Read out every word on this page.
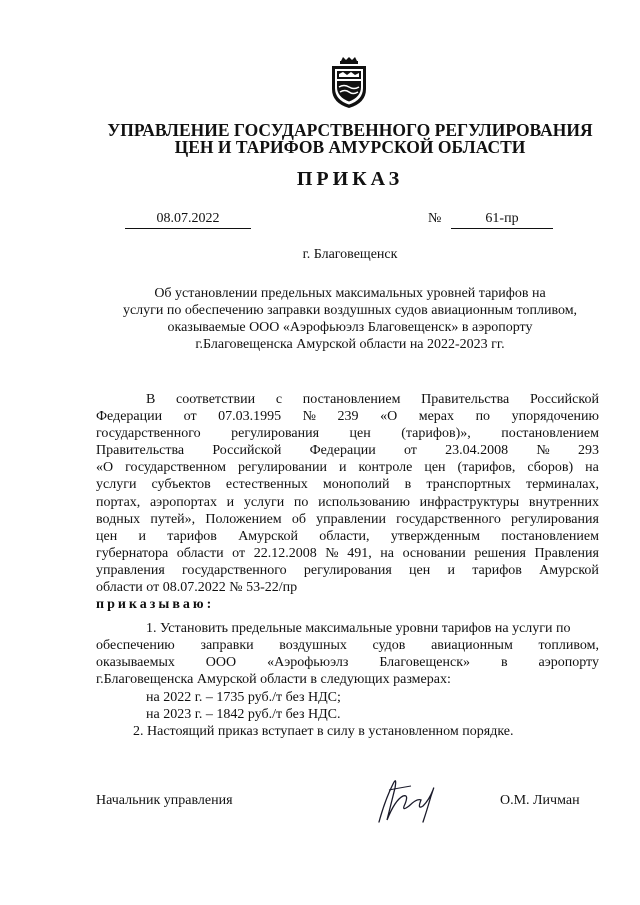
УПРАВЛЕНИЕ ГОСУДАРСТВЕННОГО РЕГУЛИРОВАНИЯ
ЦЕН И ТАРИФОВ АМУРСКОЙ ОБЛАСТИ
ПРИКАЗ
08.07.2022	№	61-пр
г. Благовещенск
Об установлении предельных максимальных уровней тарифов на
услуги по обеспечению заправки воздушных судов авиационным топливом,
оказываемые ООО «Аэрофьюэлз Благовещенск» в аэропорту
г.Благовещенска Амурской области на 2022-2023 гг.
В соответствии с постановлением Правительства Российской
Федерации от 07.03.1995 № 239 «О мерах по упорядочению
государственного регулирования цен (тарифов)», постановлением
Правительства Российской Федерации от 23.04.2008 № 293
«О государственном регулировании и контроле цен (тарифов, сборов) на
услуги субъектов естественных монополий в транспортных терминалах,
портах, аэропортах и услуги по использованию инфраструктуры внутренних
водных путей», Положением об управлении государственного регулирования
цен и тарифов Амурской области, утвержденным постановлением
губернатора области от 22.12.2008 № 491, на основании решения Правления
управления государственного регулирования цен и тарифов Амурской
области от 08.07.2022 № 53-22/пр
приказываю:
1. Установить предельные максимальные уровни тарифов на услуги по
обеспечению заправки воздушных судов авиационным топливом,
оказываемых ООО «Аэрофьюэлз Благовещенск» в аэропорту
г.Благовещенска Амурской области в следующих размерах:
на 2022 г. – 1735 руб./т без НДС;
на 2023 г. – 1842 руб./т без НДС.
2. Настоящий приказ вступает в силу в установленном порядке.
Начальник управления	О.М. Личман
